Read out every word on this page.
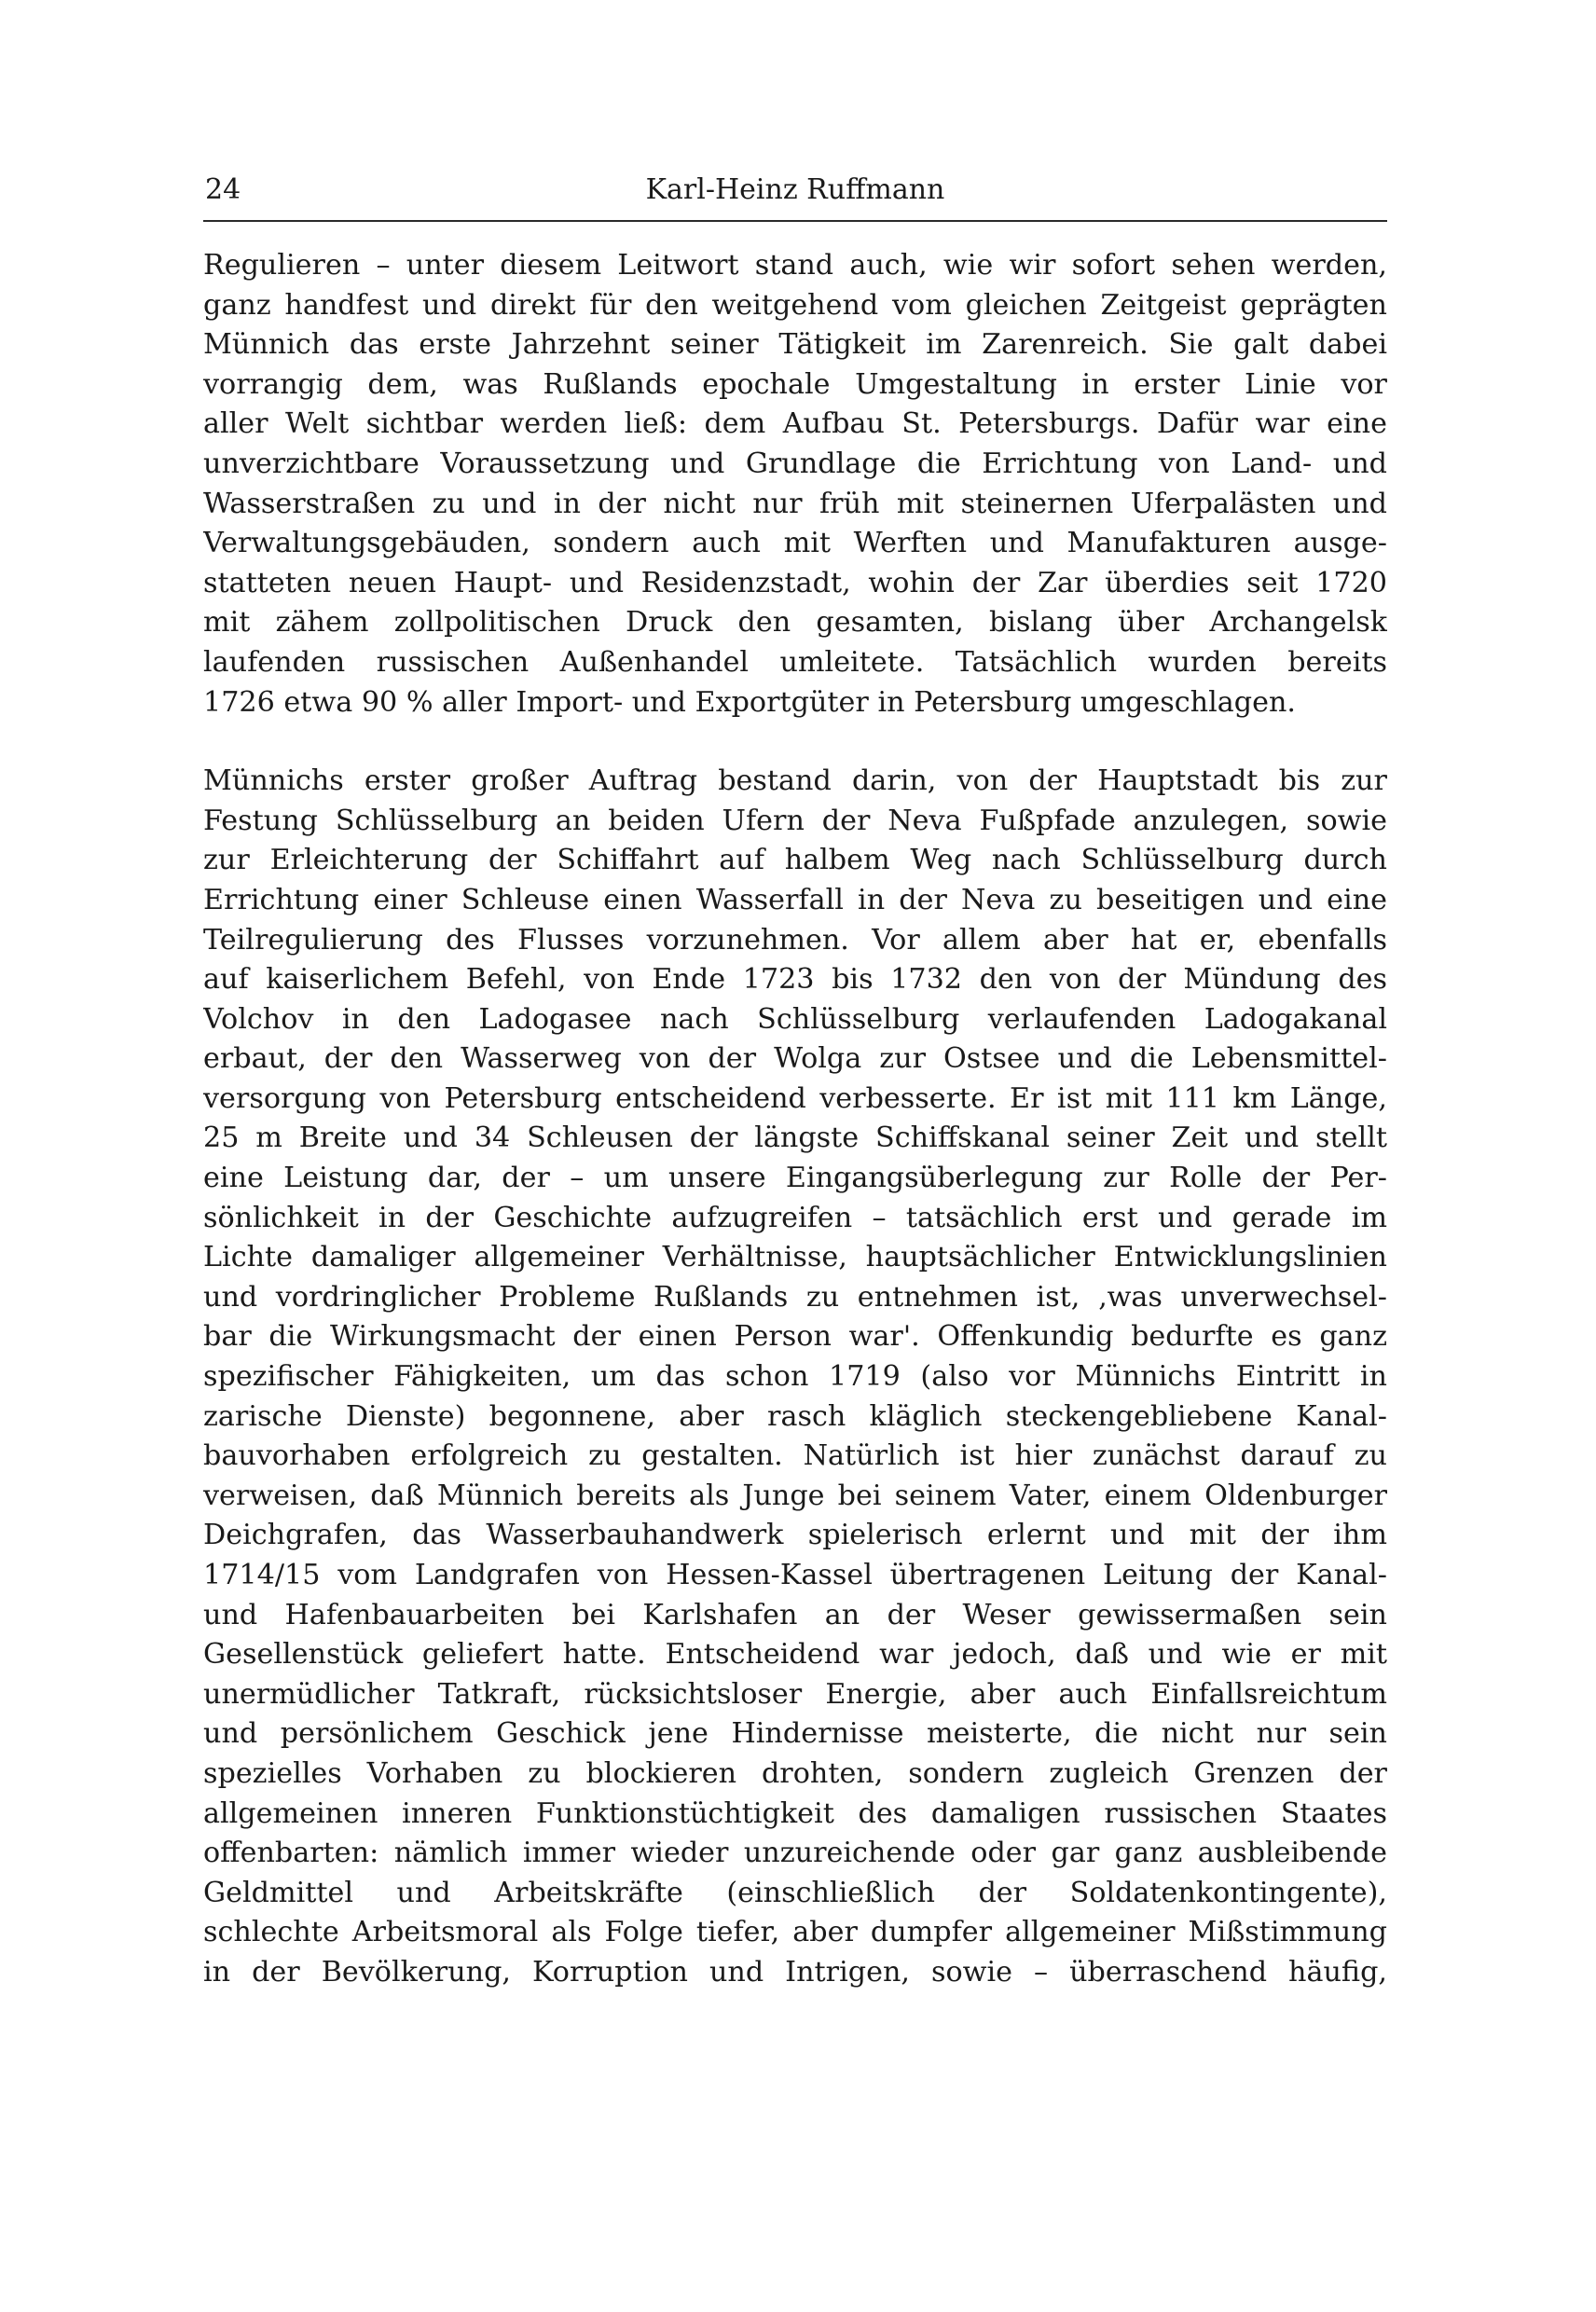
24	Karl-Heinz Ruffmann
Regulieren – unter diesem Leitwort stand auch, wie wir sofort sehen werden,
ganz handfest und direkt für den weitgehend vom gleichen Zeitgeist geprägten
Münnich das erste Jahrzehnt seiner Tätigkeit im Zarenreich. Sie galt dabei
vorrangig dem, was Rußlands epochale Umgestaltung in erster Linie vor
aller Welt sichtbar werden ließ: dem Aufbau St. Petersburgs. Dafür war eine
unverzichtbare Voraussetzung und Grundlage die Errichtung von Land- und
Wasserstraßen zu und in der nicht nur früh mit steinernen Uferpalästen und
Verwaltungsgebäuden, sondern auch mit Werften und Manufakturen ausge-
statteten neuen Haupt- und Residenzstadt, wohin der Zar überdies seit 1720
mit zähem zollpolitischen Druck den gesamten, bislang über Archangelsk
laufenden russischen Außenhandel umleitete. Tatsächlich wurden bereits
1726 etwa 90 % aller Import- und Exportgüter in Petersburg umgeschlagen.
Münnichs erster großer Auftrag bestand darin, von der Hauptstadt bis zur
Festung Schlüsselburg an beiden Ufern der Neva Fußpfade anzulegen, sowie
zur Erleichterung der Schiffahrt auf halbem Weg nach Schlüsselburg durch
Errichtung einer Schleuse einen Wasserfall in der Neva zu beseitigen und eine
Teilregulierung des Flusses vorzunehmen. Vor allem aber hat er, ebenfalls
auf kaiserlichem Befehl, von Ende 1723 bis 1732 den von der Mündung des
Volchov in den Ladogasee nach Schlüsselburg verlaufenden Ladogakanal
erbaut, der den Wasserweg von der Wolga zur Ostsee und die Lebensmittel-
versorgung von Petersburg entscheidend verbesserte. Er ist mit 111 km Länge,
25 m Breite und 34 Schleusen der längste Schiffskanal seiner Zeit und stellt
eine Leistung dar, der – um unsere Eingangsüberlegung zur Rolle der Per-
sönlichkeit in der Geschichte aufzugreifen – tatsächlich erst und gerade im
Lichte damaliger allgemeiner Verhältnisse, hauptsächlicher Entwicklungslinien
und vordringlicher Probleme Rußlands zu entnehmen ist, ‚was unverwechsel-
bar die Wirkungsmacht der einen Person war'. Offenkundig bedurfte es ganz
spezifischer Fähigkeiten, um das schon 1719 (also vor Münnichs Eintritt in
zarische Dienste) begonnene, aber rasch kläglich steckengebliebene Kanal-
bauvorhaben erfolgreich zu gestalten. Natürlich ist hier zunächst darauf zu
verweisen, daß Münnich bereits als Junge bei seinem Vater, einem Oldenburger
Deichgrafen, das Wasserbauhandwerk spielerisch erlernt und mit der ihm
1714/15 vom Landgrafen von Hessen-Kassel übertragenen Leitung der Kanal-
und Hafenbauarbeiten bei Karlshafen an der Weser gewissermaßen sein
Gesellenstück geliefert hatte. Entscheidend war jedoch, daß und wie er mit
unermüdlicher Tatkraft, rücksichtsloser Energie, aber auch Einfallsreichtum
und persönlichem Geschick jene Hindernisse meisterte, die nicht nur sein
spezielles Vorhaben zu blockieren drohten, sondern zugleich Grenzen der
allgemeinen inneren Funktionstüchtigkeit des damaligen russischen Staates
offenbarten: nämlich immer wieder unzureichende oder gar ganz ausbleibende
Geldmittel und Arbeitskräfte (einschließlich der Soldatenkontingente),
schlechte Arbeitsmoral als Folge tiefer, aber dumpfer allgemeiner Mißstimmung
in der Bevölkerung, Korruption und Intrigen, sowie – überraschend häufig,
